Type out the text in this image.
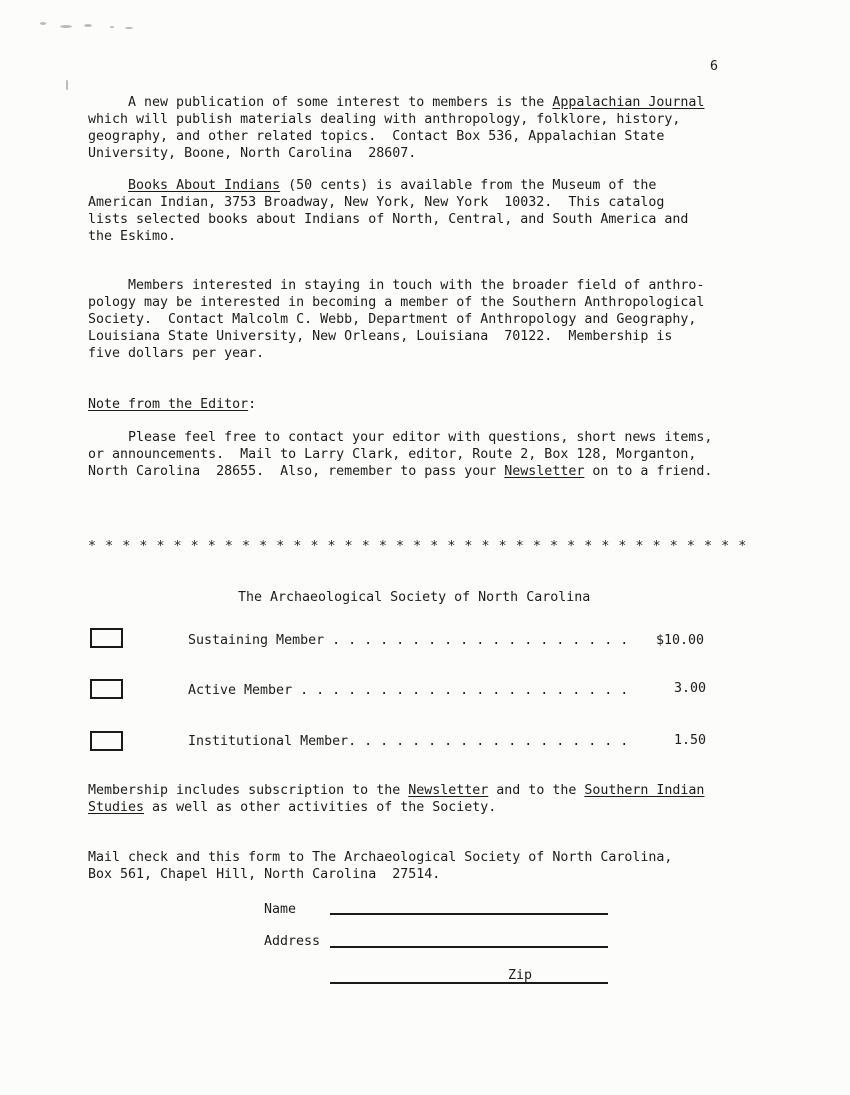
6
A new publication of some interest to members is the Appalachian Journal
which will publish materials dealing with anthropology, folklore, history,
geography, and other related topics.  Contact Box 536, Appalachian State
University, Boone, North Carolina  28607.
Books About Indians (50 cents) is available from the Museum of the
American Indian, 3753 Broadway, New York, New York  10032.  This catalog
lists selected books about Indians of North, Central, and South America and
the Eskimo.
Members interested in staying in touch with the broader field of anthro-
pology may be interested in becoming a member of the Southern Anthropological
Society.  Contact Malcolm C. Webb, Department of Anthropology and Geography,
Louisiana State University, New Orleans, Louisiana  70122.  Membership is
five dollars per year.
Note from the Editor:
Please feel free to contact your editor with questions, short news items,
or announcements.  Mail to Larry Clark, editor, Route 2, Box 128, Morganton,
North Carolina  28655.  Also, remember to pass your Newsletter on to a friend.
* * * * * * * * * * * * * * * * * * * * * * * * * * * * * * * * * * * * * * *
The Archaeological Society of North Carolina
Sustaining Member . . . . . . . . . . . . . . . . . . . $10.00
Active Member . . . . . . . . . . . . . . . . . . . . .	3.00
Institutional Member. . . . . . . . . . . . . . . . . .	1.50
Membership includes subscription to the Newsletter and to the Southern Indian
Studies as well as other activities of the Society.
Mail check and this form to The Archaeological Society of North Carolina,
Box 561, Chapel Hill, North Carolina  27514.
Name
Address
Zip
